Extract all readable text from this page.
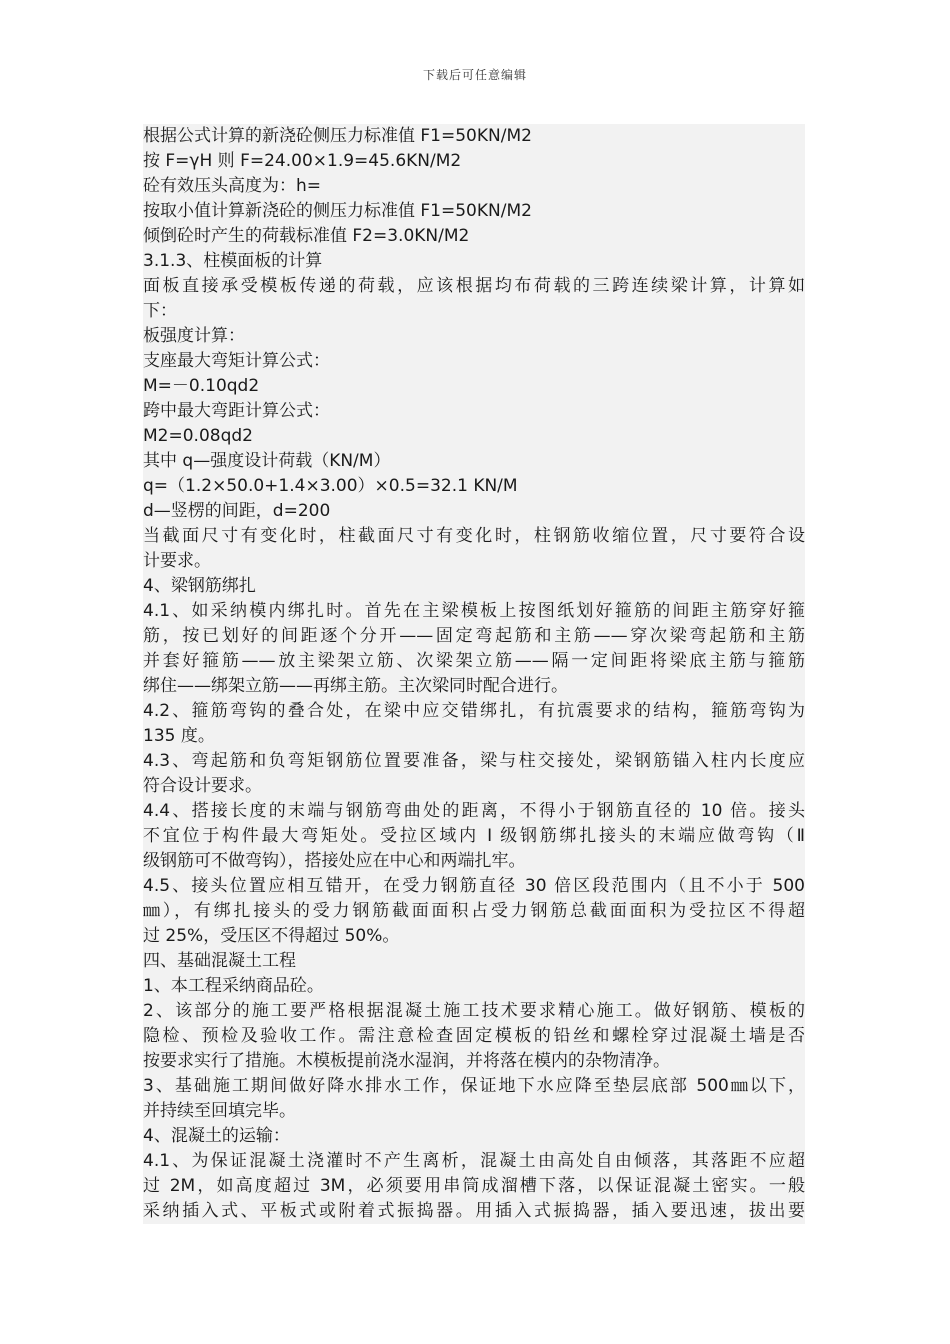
下载后可任意编辑
根据公式计算的新浇砼侧压力标准值 F1=50KN/M2
按 F=γH 则 F=24.00×1.9=45.6KN/M2
砼有效压头高度为：h=
按取小值计算新浇砼的侧压力标准值 F1=50KN/M2
倾倒砼时产生的荷载标准值 F2=3.0KN/M2
3.1.3、柱模面板的计算
面板直接承受模板传递的荷载，应该根据均布荷载的三跨连续梁计算，计算如
下：
板强度计算：
支座最大弯矩计算公式：
M=－0.10qd2
跨中最大弯距计算公式：
M2=0.08qd2
其中 q—强度设计荷载（KN/M）
q=（1.2×50.0+1.4×3.00）×0.5=32.1 KN/M
d—竖楞的间距，d=200
当截面尺寸有变化时，柱截面尺寸有变化时，柱钢筋收缩位置，尺寸要符合设
计要求。
4、梁钢筋绑扎
4.1、如采纳模内绑扎时。首先在主梁模板上按图纸划好箍筋的间距主筋穿好箍
筋，按已划好的间距逐个分开——固定弯起筋和主筋——穿次梁弯起筋和主筋
并套好箍筋——放主梁架立筋、次梁架立筋——隔一定间距将梁底主筋与箍筋
绑住——绑架立筋——再绑主筋。主次梁同时配合进行。
4.2、箍筋弯钩的叠合处，在梁中应交错绑扎，有抗震要求的结构，箍筋弯钩为
135 度。
4.3、弯起筋和负弯矩钢筋位置要准备，梁与柱交接处，梁钢筋锚入柱内长度应
符合设计要求。
4.4、搭接长度的末端与钢筋弯曲处的距离，不得小于钢筋直径的 10 倍。接头
不宜位于构件最大弯矩处。受拉区域内 I 级钢筋绑扎接头的末端应做弯钩（Ⅱ
级钢筋可不做弯钩），搭接处应在中心和两端扎牢。
4.5、接头位置应相互错开，在受力钢筋直径 30 倍区段范围内（且不小于 500
㎜），有绑扎接头的受力钢筋截面面积占受力钢筋总截面面积为受拉区不得超
过 25%，受压区不得超过 50%。
四、基础混凝土工程
1、本工程采纳商品砼。
2、该部分的施工要严格根据混凝土施工技术要求精心施工。做好钢筋、模板的
隐检、预检及验收工作。需注意检查固定模板的铅丝和螺栓穿过混凝土墙是否
按要求实行了措施。木模板提前浇水湿润，并将落在模内的杂物清净。
3、基础施工期间做好降水排水工作，保证地下水应降至垫层底部 500㎜以下，
并持续至回填完毕。
4、混凝土的运输：
4.1、为保证混凝土浇灌时不产生离析，混凝土由高处自由倾落，其落距不应超
过 2M，如高度超过 3M，必须要用串筒成溜槽下落，以保证混凝土密实。一般
采纳插入式、平板式或附着式振捣器。用插入式振捣器，插入要迅速，拔出要
